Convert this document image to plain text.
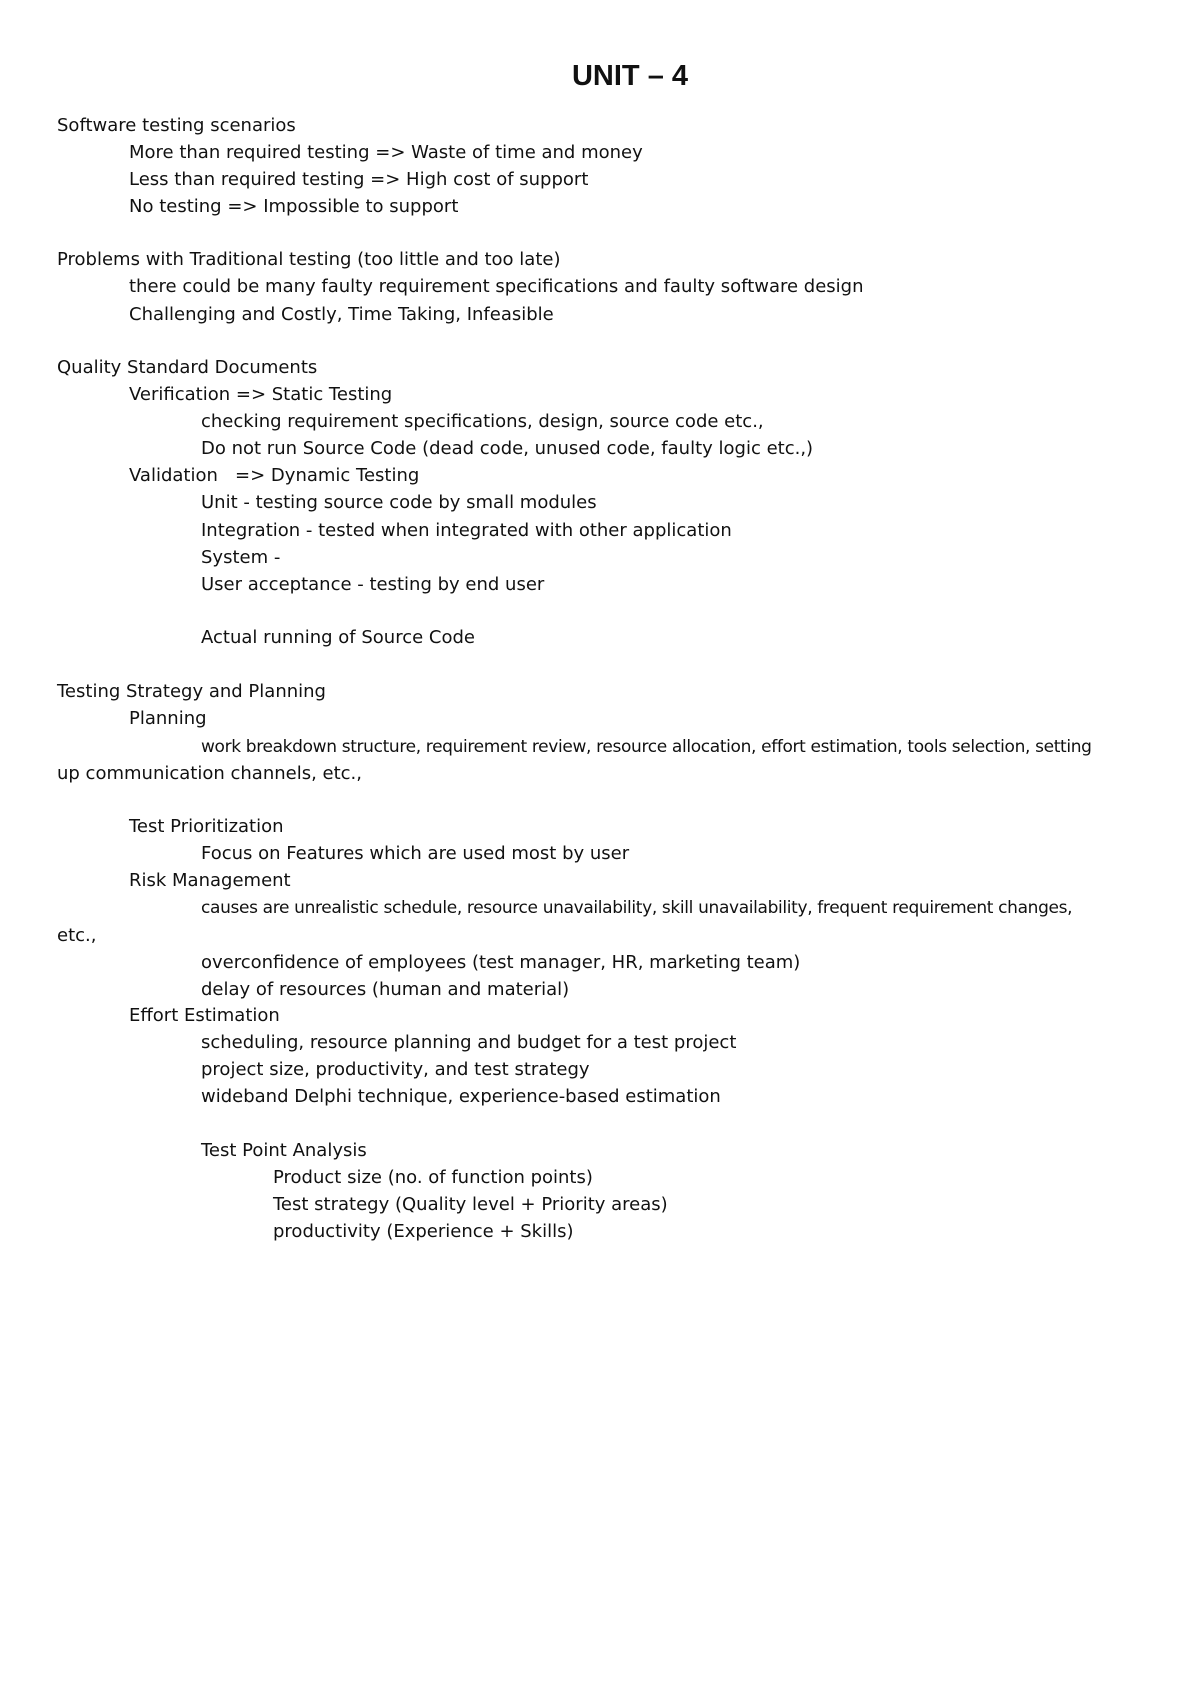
UNIT – 4
Software testing scenarios
More than required testing => Waste of time and money
Less than required testing => High cost of support
No testing => Impossible to support
Problems with Traditional testing (too little and too late)
there could be many faulty requirement specifications and faulty software design
Challenging and Costly, Time Taking, Infeasible
Quality Standard Documents
Verification => Static Testing
checking requirement specifications, design, source code etc.,
Do not run Source Code (dead code, unused code, faulty logic etc.,)
Validation   => Dynamic Testing
Unit - testing source code by small modules
Integration - tested when integrated with other application
System -
User acceptance - testing by end user
Actual running of Source Code
Testing Strategy and Planning
Planning
work breakdown structure, requirement review, resource allocation, effort estimation, tools selection, setting
up communication channels, etc.,
Test Prioritization
Focus on Features which are used most by user
Risk Management
causes are unrealistic schedule, resource unavailability, skill unavailability, frequent requirement changes,
etc.,
overconfidence of employees (test manager, HR, marketing team)
delay of resources (human and material)
Effort Estimation
scheduling, resource planning and budget for a test project
project size, productivity, and test strategy
wideband Delphi technique, experience-based estimation
Test Point Analysis
Product size (no. of function points)
Test strategy (Quality level + Priority areas)
productivity (Experience + Skills)
